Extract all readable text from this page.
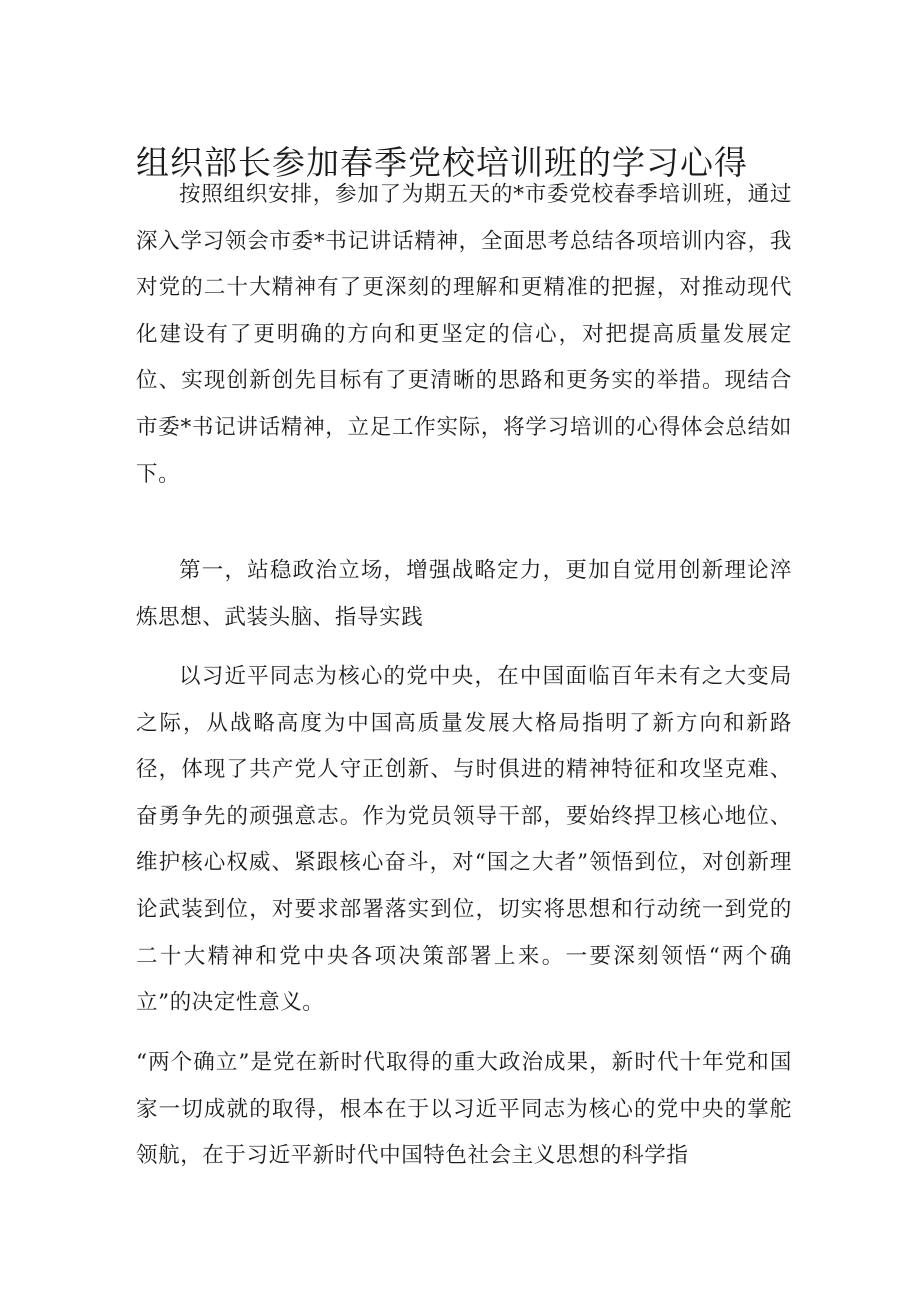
组织部长参加春季党校培训班的学习心得

按照组织安排，参加了为期五天的*市委党校春季培训班，通过深入学习领会市委*书记讲话精神，全面思考总结各项培训内容，我对党的二十大精神有了更深刻的理解和更精准的把握，对推动现代化建设有了更明确的方向和更坚定的信心，对把提高质量发展定位、实现创新创先目标有了更清晰的思路和更务实的举措。现结合市委*书记讲话精神，立足工作实际，将学习培训的心得体会总结如下。

第一，站稳政治立场，增强战略定力，更加自觉用创新理论淬炼思想、武装头脑、指导实践

以习近平同志为核心的党中央，在中国面临百年未有之大变局之际，从战略高度为中国高质量发展大格局指明了新方向和新路径，体现了共产党人守正创新、与时俱进的精神特征和攻坚克难、奋勇争先的顽强意志。作为党员领导干部，要始终捍卫核心地位、维护核心权威、紧跟核心奋斗，对“国之大者”领悟到位，对创新理论武装到位，对要求部署落实到位，切实将思想和行动统一到党的二十大精神和党中央各项决策部署上来。一要深刻领悟“两个确立”的决定性意义。

“两个确立”是党在新时代取得的重大政治成果，新时代十年党和国家一切成就的取得，根本在于以习近平同志为核心的党中央的掌舵领航，在于习近平新时代中国特色社会主义思想的科学指
